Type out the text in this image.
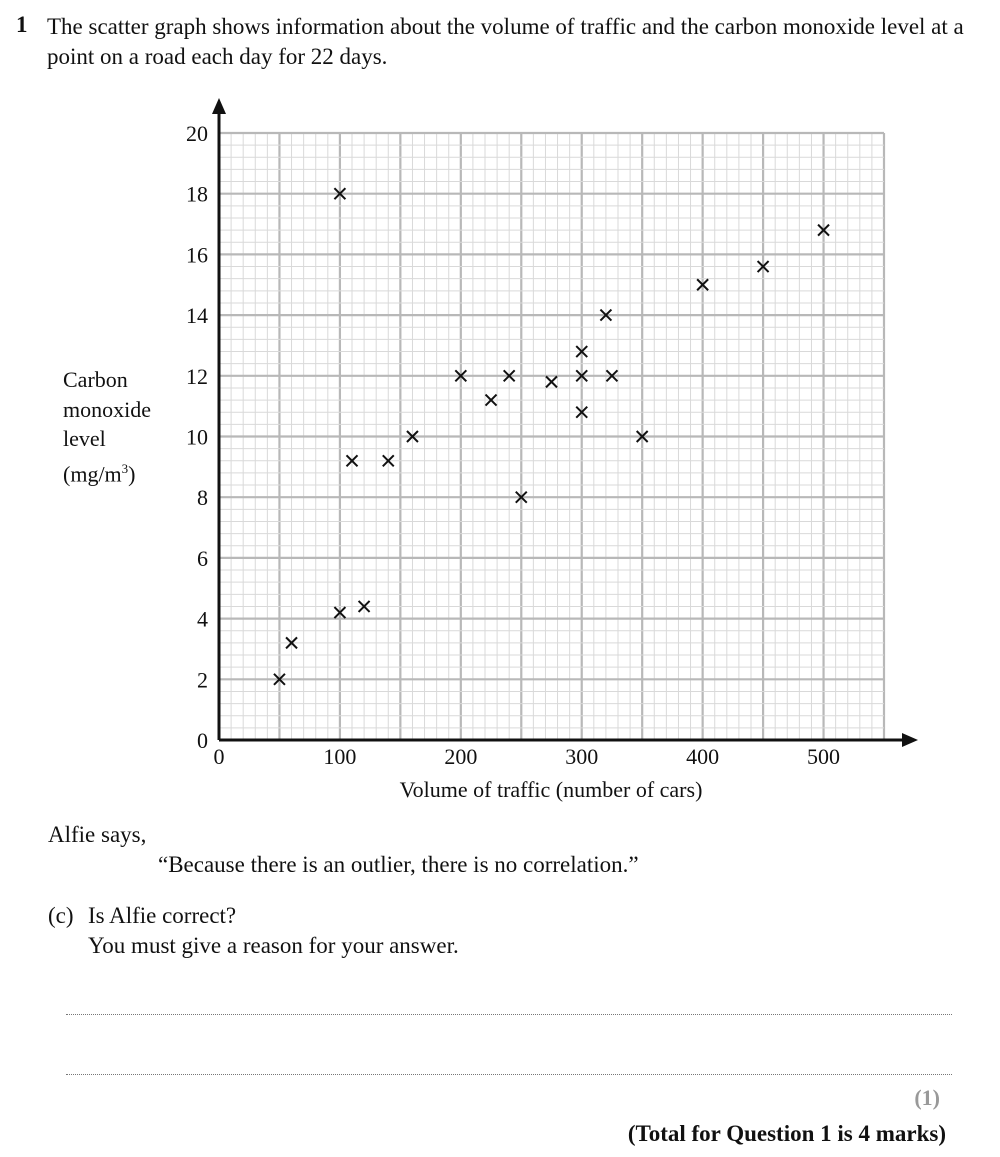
1 The scatter graph shows information about the volume of traffic and the carbon monoxide level at a point on a road each day for 22 days.
Carbon
monoxide
level
$(mg/m^3)$
0	100	200	300	400	500
0
2
4
6
8
10
12
14
16
18
20
Volume of traffic (number of cars)
Alfie says,
“Because there is an outlier, there is no correlation.”
(c) Is Alfie correct?
You must give a reason for your answer.
(1)
(Total for Question 1 is 4 marks)
